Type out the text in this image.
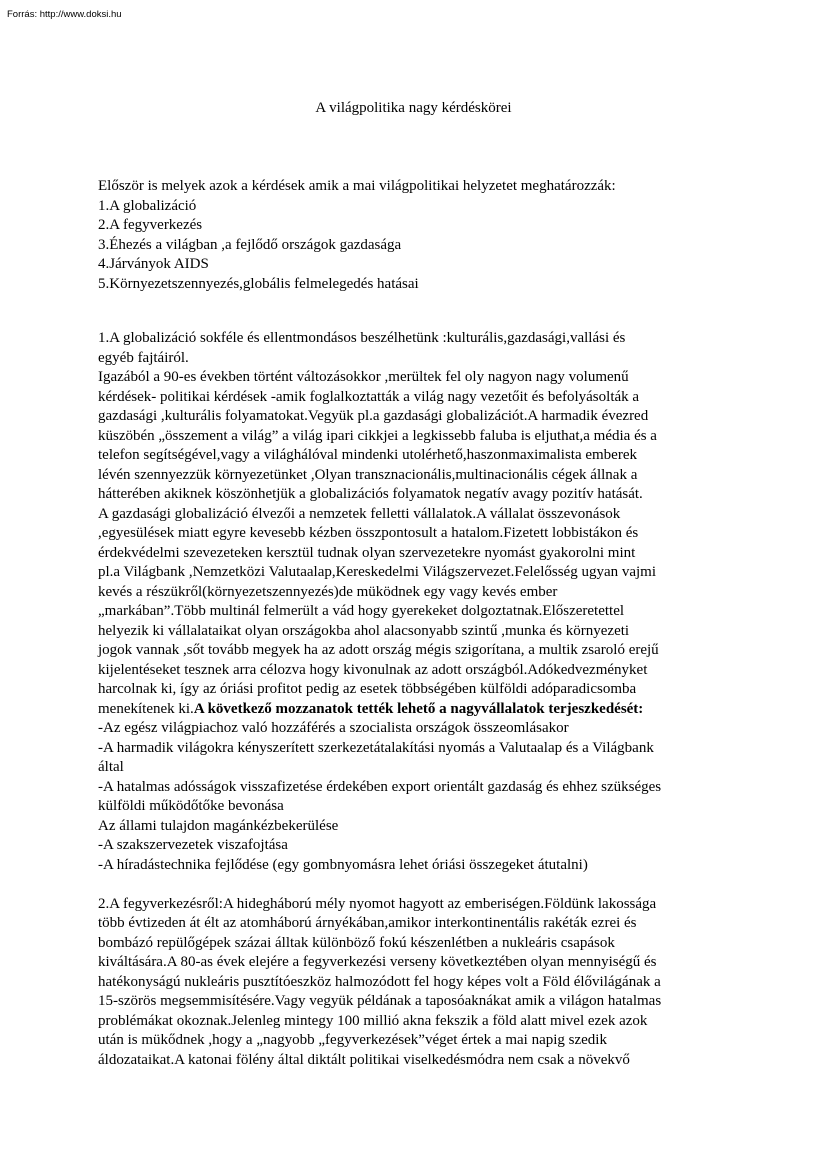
Forrás: http://www.doksi.hu
A világpolitika nagy kérdéskörei
Először is melyek azok a kérdések amik a mai világpolitikai helyzetet meghatározzák:
1.A globalizáció
2.A fegyverkezés
3.Éhezés a világban ,a fejlődő országok gazdasága
4.Járványok AIDS
5.Környezetszennyezés,globális felmelegedés hatásai
1.A globalizáció sokféle és ellentmondásos beszélhetünk :kulturális,gazdasági,vallási és
egyéb fajtáiról.
Igazából a 90-es években történt változásokkor ,merültek fel oly nagyon nagy volumenű
kérdések- politikai kérdések -amik foglalkoztatták a világ nagy vezetőit és befolyásolták a
gazdasági ,kulturális folyamatokat.Vegyük pl.a gazdasági globalizációt.A harmadik évezred
küszöbén „összement a világ” a világ ipari cikkjei a legkissebb faluba is eljuthat,a média és a
telefon segítségével,vagy a világhálóval mindenki utolérhető,haszonmaximalista emberek
lévén szennyezzük környezetünket ,Olyan transznacionális,multinacionális cégek állnak a
hátterében akiknek köszönhetjük a globalizációs folyamatok negatív avagy pozitív hatását.
A gazdasági globalizáció élvezői a nemzetek felletti vállalatok.A vállalat összevonások
,egyesülések miatt egyre kevesebb kézben összpontosult a hatalom.Fizetett lobbistákon és
érdekvédelmi szevezeteken kersztül tudnak olyan szervezetekre nyomást gyakorolni mint
pl.a Világbank ,Nemzetközi Valutaalap,Kereskedelmi Világszervezet.Felelősség ugyan vajmi
kevés a részükről(környezetszennyezés)de müködnek egy vagy kevés ember
„markában”.Több multinál felmerült a vád hogy gyerekeket dolgoztatnak.Előszeretettel
helyezik ki vállalataikat olyan országokba ahol alacsonyabb szintű ,munka és környezeti
jogok vannak ,sőt tovább megyek ha az adott ország mégis szigorítana, a multik zsaroló erejű
kijelentéseket tesznek arra célozva hogy kivonulnak az adott országból.Adókedvezményket
harcolnak ki, így az óriási profitot pedig az esetek többségében külföldi adóparadicsomba
menekítenek ki.A következő mozzanatok tették lehető a nagyvállalatok terjeszkedését:
-Az egész világpiachoz való hozzáférés a szocialista országok összeomlásakor
-A harmadik világokra kényszerített szerkezetátalakítási nyomás a Valutaalap és a Világbank
által
-A hatalmas adósságok visszafizetése érdekében export orientált gazdaság és ehhez szükséges
külföldi működőtőke bevonása
Az állami tulajdon magánkézbekerülése
-A szakszervezetek viszafojtása
-A híradástechnika fejlődése (egy gombnyomásra lehet óriási összegeket átutalni)
2.A fegyverkezésről:A hidegháború mély nyomot hagyott az emberiségen.Földünk lakossága
több évtizeden át élt az atomháború árnyékában,amikor interkontinentális rakéták ezrei és
bombázó repülőgépek százai álltak különböző fokú készenlétben a nukleáris csapások
kiváltására.A 80-as évek elejére a fegyverkezési verseny következtében olyan mennyiségű és
hatékonyságú nukleáris pusztítóeszköz halmozódott fel hogy képes volt a Föld élővilágának a
15-szörös megsemmisítésére.Vagy vegyük példának a taposóaknákat amik a világon hatalmas
problémákat okoznak.Jelenleg mintegy 100 millió akna fekszik a föld alatt mivel ezek azok
után is mükődnek ,hogy a „nagyobb „fegyverkezések”véget értek a mai napig szedik
áldozataikat.A katonai fölény által diktált politikai viselkedésmódra nem csak a növekvő
